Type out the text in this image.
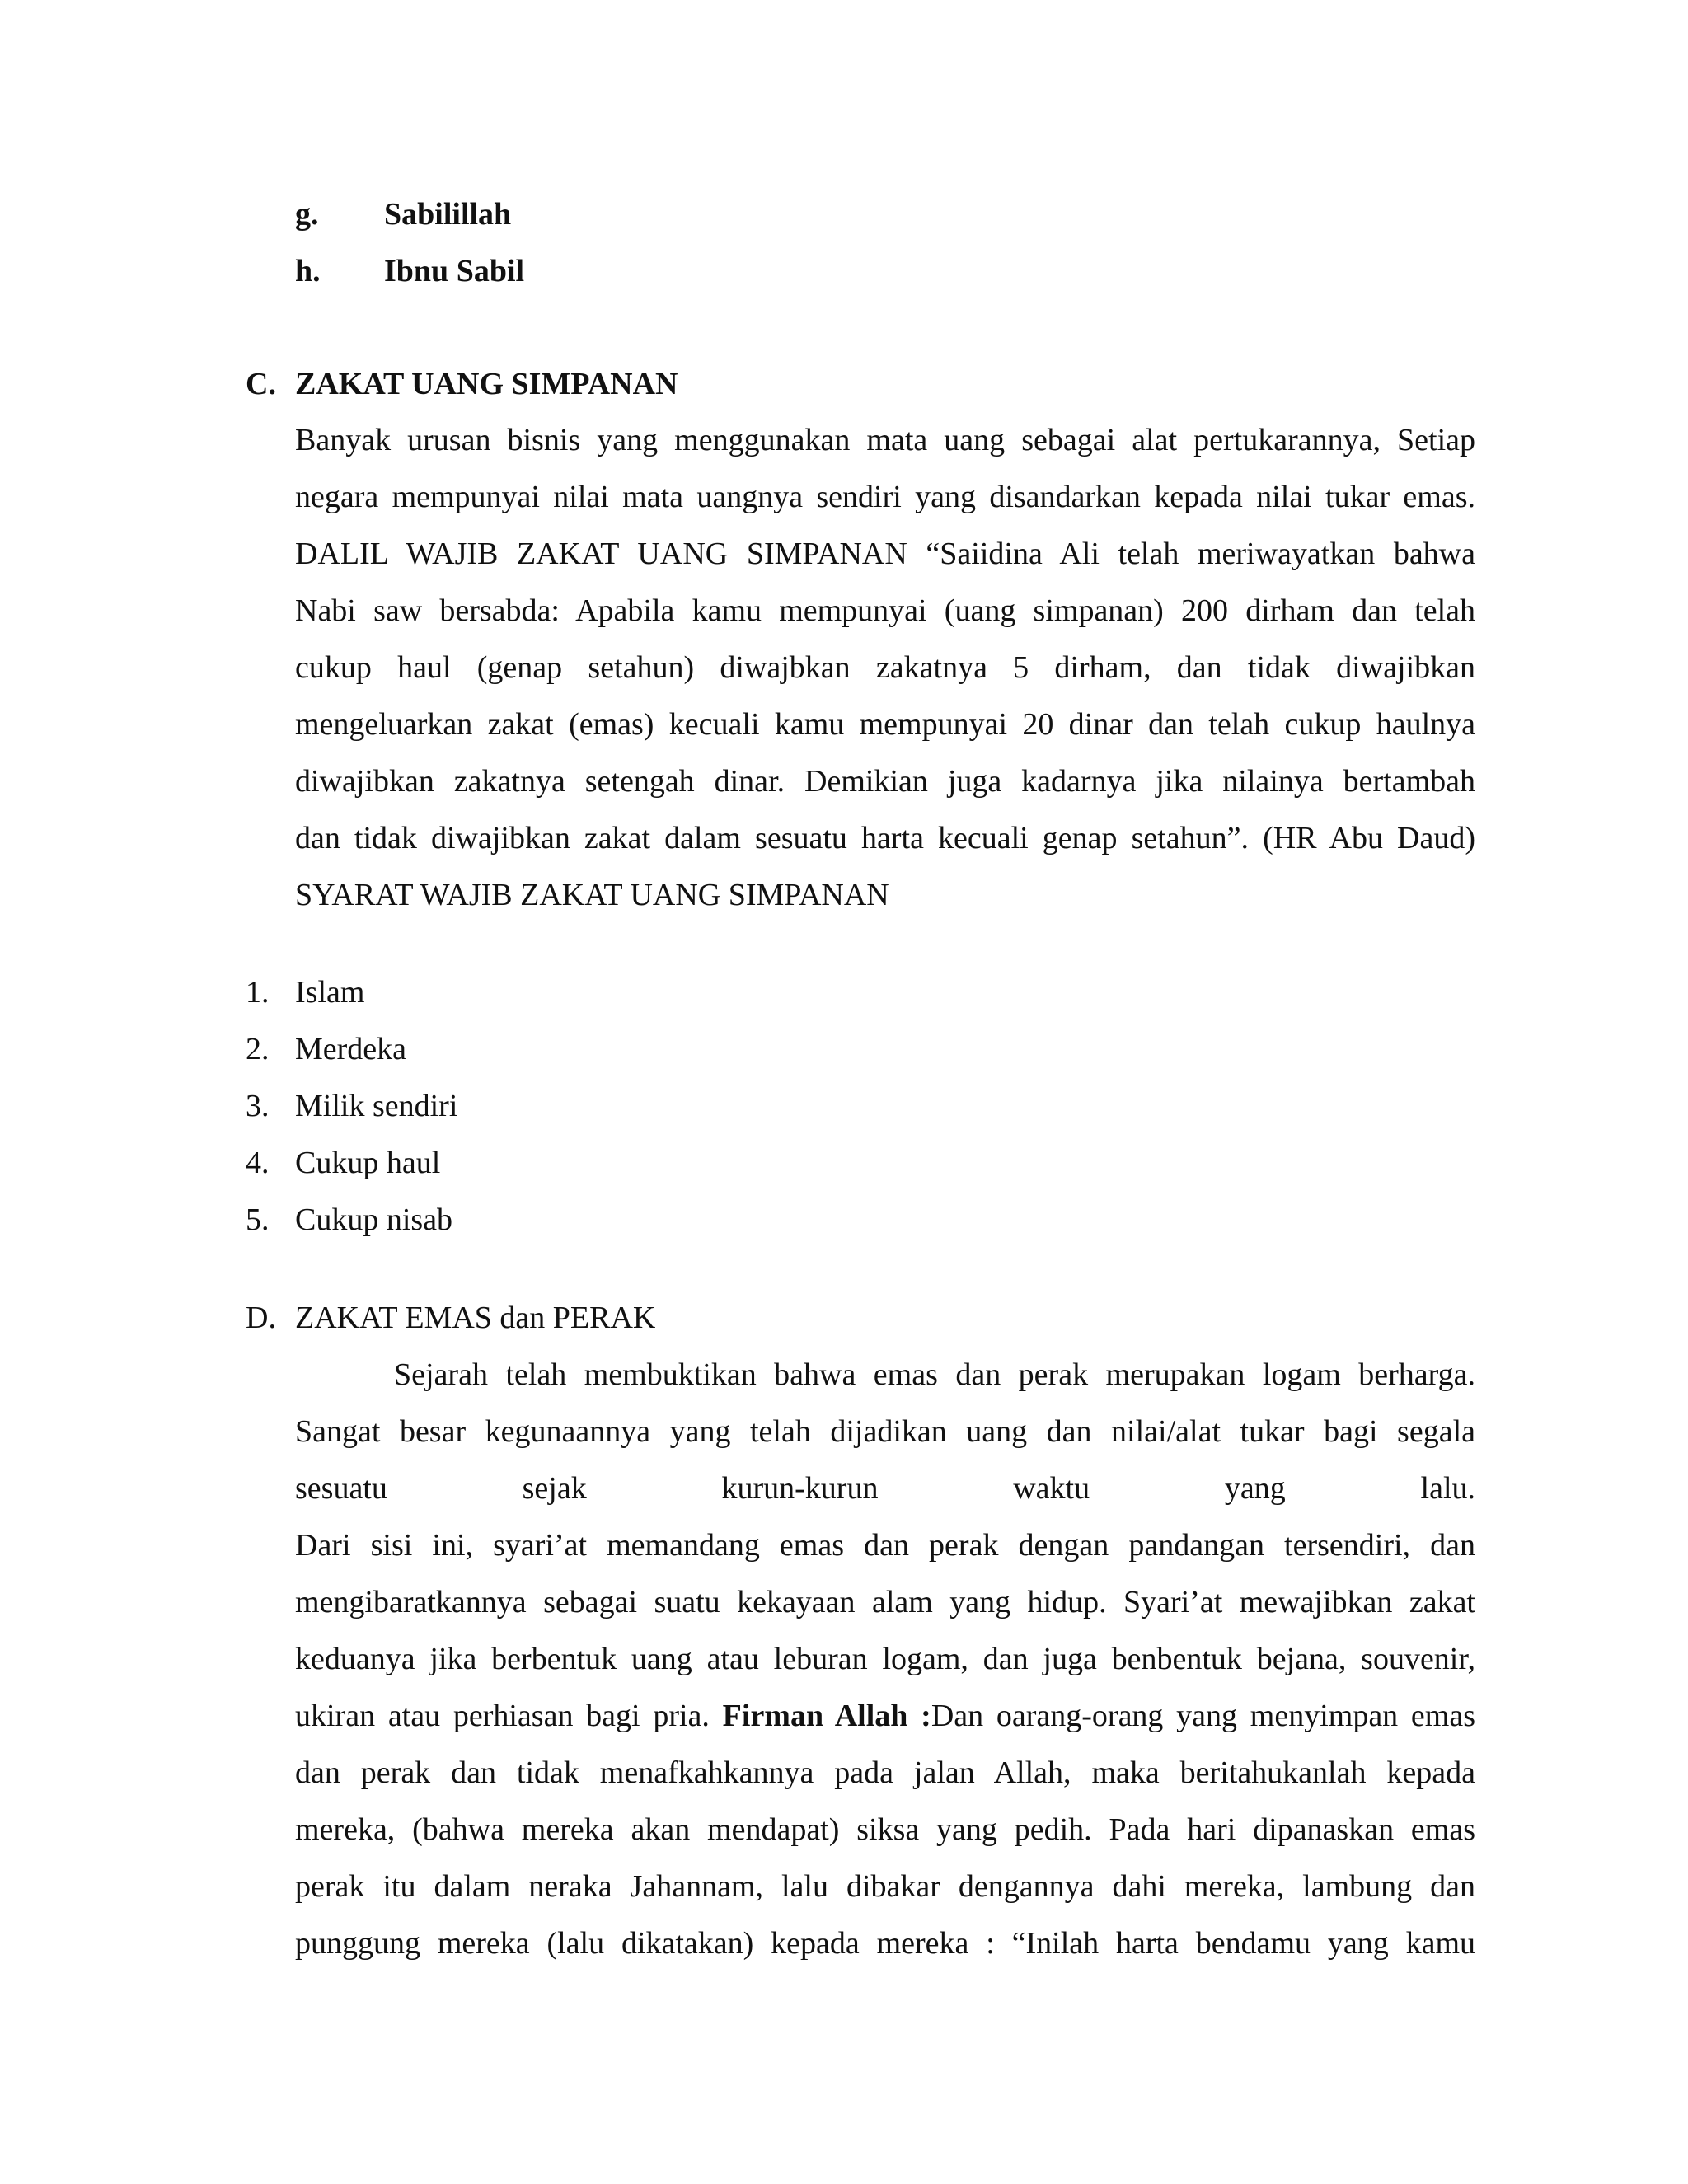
g. Sabilillah
h. Ibnu Sabil
C. ZAKAT UANG SIMPANAN
Banyak urusan bisnis yang menggunakan mata uang sebagai alat pertukarannya, Setiap
negara mempunyai nilai mata uangnya sendiri yang disandarkan kepada nilai tukar emas.
DALIL WAJIB ZAKAT UANG SIMPANAN “Saiidina Ali telah meriwayatkan bahwa
Nabi saw bersabda: Apabila kamu mempunyai (uang simpanan) 200 dirham dan telah
cukup haul (genap setahun) diwajbkan zakatnya 5 dirham, dan tidak diwajibkan
mengeluarkan zakat (emas) kecuali kamu mempunyai 20 dinar dan telah cukup haulnya
diwajibkan zakatnya setengah dinar. Demikian juga kadarnya jika nilainya bertambah
dan tidak diwajibkan zakat dalam sesuatu harta kecuali genap setahun”. (HR Abu Daud)
SYARAT WAJIB ZAKAT UANG SIMPANAN
1. Islam
2. Merdeka
3. Milik sendiri
4. Cukup haul
5. Cukup nisab
D. ZAKAT EMAS dan PERAK
Sejarah telah membuktikan bahwa emas dan perak merupakan logam berharga.
Sangat besar kegunaannya yang telah dijadikan uang dan nilai/alat tukar bagi segala
sesuatu sejak kurun-kurun waktu yang lalu.
Dari sisi ini, syari’at memandang emas dan perak dengan pandangan tersendiri, dan
mengibaratkannya sebagai suatu kekayaan alam yang hidup. Syari’at mewajibkan zakat
keduanya jika berbentuk uang atau leburan logam, dan juga benbentuk bejana, souvenir,
ukiran atau perhiasan bagi pria. Firman Allah :Dan oarang-orang yang menyimpan emas
dan perak dan tidak menafkahkannya pada jalan Allah, maka beritahukanlah kepada
mereka, (bahwa mereka akan mendapat) siksa yang pedih. Pada hari dipanaskan emas
perak itu dalam neraka Jahannam, lalu dibakar dengannya dahi mereka, lambung dan
punggung mereka (lalu dikatakan) kepada mereka : “Inilah harta bendamu yang kamu
